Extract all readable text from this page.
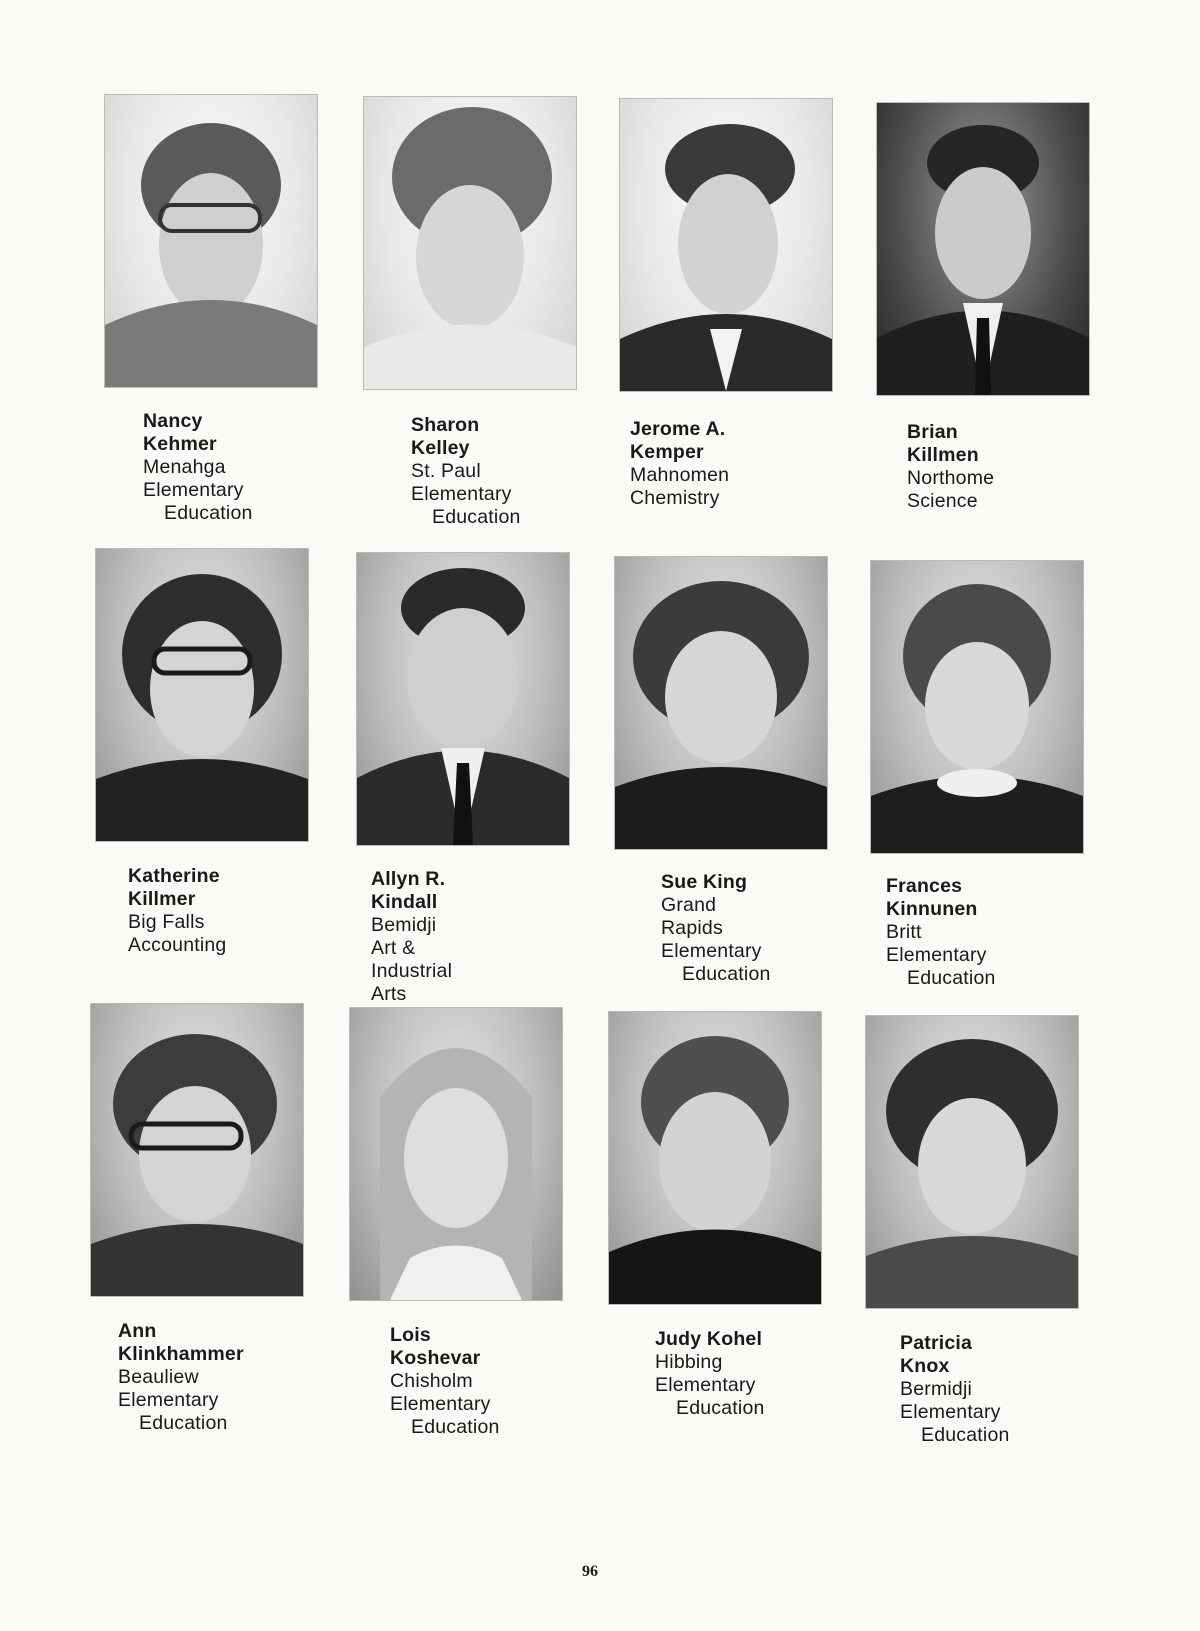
Nancy Kehmer
Menahga
Elementary
Education
Sharon Kelley
St. Paul
Elementary
Education
Jerome A. Kemper
Mahnomen
Chemistry
Brian Killmen
Northome
Science
Katherine Killmer
Big Falls
Accounting
Allyn R. Kindall
Bemidji
Art & Industrial Arts
Sue King
Grand Rapids
Elementary
Education
Frances Kinnunen
Britt
Elementary
Education
Ann Klinkhammer
Beauliew
Elementary
Education
Lois Koshevar
Chisholm
Elementary
Education
Judy Kohel
Hibbing
Elementary
Education
Patricia Knox
Bermidji
Elementary
Education
96
